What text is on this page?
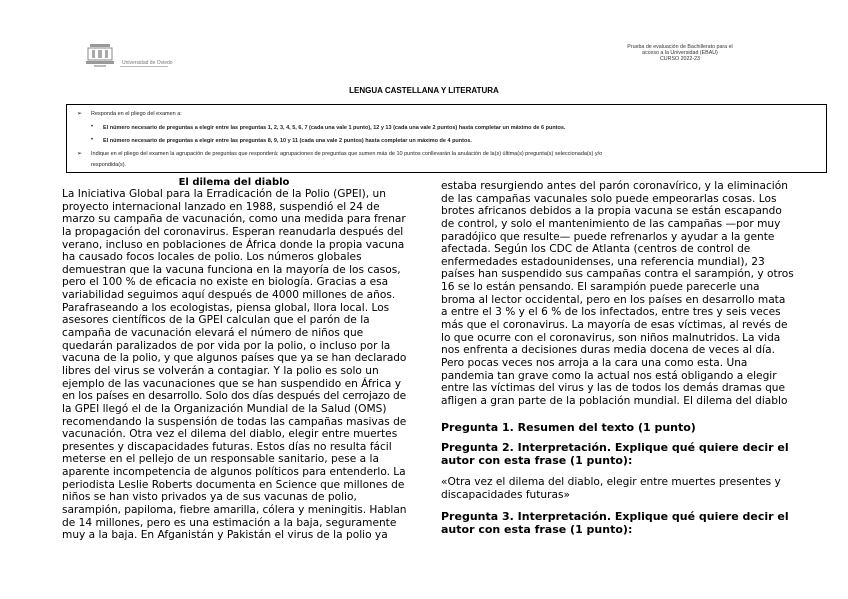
Universidad de Oviedo
Prueba de evaluación de Bachillerato para el
acceso a la Universidad (EBAU)
CURSO 2022-23
LENGUA CASTELLANA Y LITERATURA
➢ Responda en el pliego del examen a:
• El número necesario de preguntas a elegir entre las preguntas 1, 2, 3, 4, 5, 6, 7 (cada una vale 1 punto), 12 y 13 (cada una vale 2 puntos) hasta completar un máximo de 6 puntos.
• El número necesario de preguntas a elegir entre las preguntas 8, 9, 10 y 11 (cada una vale 2 puntos) hasta completar un máximo de 4 puntos.
➢ Indique en el pliego del examen la agrupación de preguntas que responderá: agrupaciones de preguntas que sumen más de 10 puntos conllevarán la anulación de la(s) última(s) pregunta(s) seleccionada(s) y/o
respondida(s).
El dilema del diablo
La Iniciativa Global para la Erradicación de la Polio (GPEI), un
proyecto internacional lanzado en 1988, suspendió el 24 de
marzo su campaña de vacunación, como una medida para frenar
la propagación del coronavirus. Esperan reanudarla después del
verano, incluso en poblaciones de África donde la propia vacuna
ha causado focos locales de polio. Los números globales
demuestran que la vacuna funciona en la mayoría de los casos,
pero el 100 % de eficacia no existe en biología. Gracias a esa
variabilidad seguimos aquí después de 4000 millones de años.
Parafraseando a los ecologistas, piensa global, llora local. Los
asesores científicos de la GPEI calculan que el parón de la
campaña de vacunación elevará el número de niños que
quedarán paralizados de por vida por la polio, o incluso por la
vacuna de la polio, y que algunos países que ya se han declarado
libres del virus se volverán a contagiar. Y la polio es solo un
ejemplo de las vacunaciones que se han suspendido en África y
en los países en desarrollo. Solo dos días después del cerrojazo de
la GPEI llegó el de la Organización Mundial de la Salud (OMS)
recomendando la suspensión de todas las campañas masivas de
vacunación. Otra vez el dilema del diablo, elegir entre muertes
presentes y discapacidades futuras. Estos días no resulta fácil
meterse en el pellejo de un responsable sanitario, pese a la
aparente incompetencia de algunos políticos para entenderlo. La
periodista Leslie Roberts documenta en Science que millones de
niños se han visto privados ya de sus vacunas de polio,
sarampión, papiloma, fiebre amarilla, cólera y meningitis. Hablan
de 14 millones, pero es una estimación a la baja, seguramente
muy a la baja. En Afganistán y Pakistán el virus de la polio ya
estaba resurgiendo antes del parón coronavírico, y la eliminación
de las campañas vacunales solo puede empeorarlas cosas. Los
brotes africanos debidos a la propia vacuna se están escapando
de control, y solo el mantenimiento de las campañas —por muy
paradójico que resulte— puede refrenarlos y ayudar a la gente
afectada. Según los CDC de Atlanta (centros de control de
enfermedades estadounidenses, una referencia mundial), 23
países han suspendido sus campañas contra el sarampión, y otros
16 se lo están pensando. El sarampión puede parecerle una
broma al lector occidental, pero en los países en desarrollo mata
a entre el 3 % y el 6 % de los infectados, entre tres y seis veces
más que el coronavirus. La mayoría de esas víctimas, al revés de
lo que ocurre con el coronavirus, son niños malnutridos. La vida
nos enfrenta a decisiones duras media docena de veces al día.
Pero pocas veces nos arroja a la cara una como esta. Una
pandemia tan grave como la actual nos está obligando a elegir
entre las víctimas del virus y las de todos los demás dramas que
afligen a gran parte de la población mundial. El dilema del diablo
Pregunta 1. Resumen del texto (1 punto)
Pregunta 2. Interpretación. Explique qué quiere decir el
autor con esta frase (1 punto):
«Otra vez el dilema del diablo, elegir entre muertes presentes y
discapacidades futuras»
Pregunta 3. Interpretación. Explique qué quiere decir el
autor con esta frase (1 punto):
